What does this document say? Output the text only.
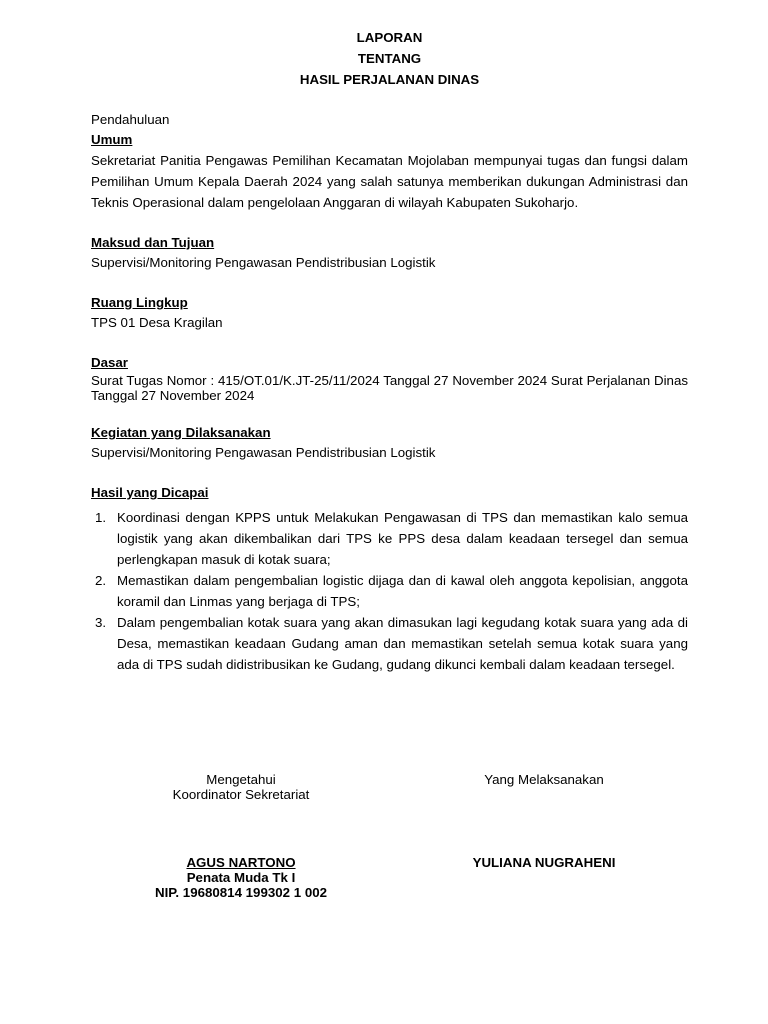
LAPORAN
TENTANG
HASIL PERJALANAN DINAS

Pendahuluan

Umum

Sekretariat Panitia Pengawas Pemilihan Kecamatan Mojolaban mempunyai tugas dan fungsi dalam Pemilihan Umum Kepala Daerah 2024 yang salah satunya memberikan dukungan Administrasi dan Teknis Operasional dalam pengelolaan Anggaran di wilayah Kabupaten Sukoharjo.

Maksud dan Tujuan

Supervisi/Monitoring Pengawasan Pendistribusian Logistik

Ruang Lingkup

TPS 01 Desa Kragilan

Dasar

Surat Tugas Nomor : 415/OT.01/K.JT-25/11/2024 Tanggal 27 November 2024 Surat Perjalanan Dinas Tanggal 27 November 2024

Kegiatan yang Dilaksanakan

Supervisi/Monitoring Pengawasan Pendistribusian Logistik

Hasil yang Dicapai

1. Koordinasi dengan KPPS untuk Melakukan Pengawasan di TPS dan memastikan kalo semua logistik yang akan dikembalikan dari TPS ke PPS desa dalam keadaan tersegel dan semua perlengkapan masuk di kotak suara;
2. Memastikan dalam pengembalian logistic dijaga dan di kawal oleh anggota kepolisian, anggota koramil dan Linmas yang berjaga di TPS;
3. Dalam pengembalian kotak suara yang akan dimasukan lagi kegudang kotak suara yang ada di Desa, memastikan keadaan Gudang aman dan memastikan setelah semua kotak suara yang ada di TPS sudah didistribusikan ke Gudang, gudang dikunci kembali dalam keadaan tersegel.
Mengetahui
Koordinator Sekretariat
Yang Melaksanakan
AGUS NARTONO
Penata Muda Tk I
NIP. 19680814 199302 1 002
YULIANA NUGRAHENI
